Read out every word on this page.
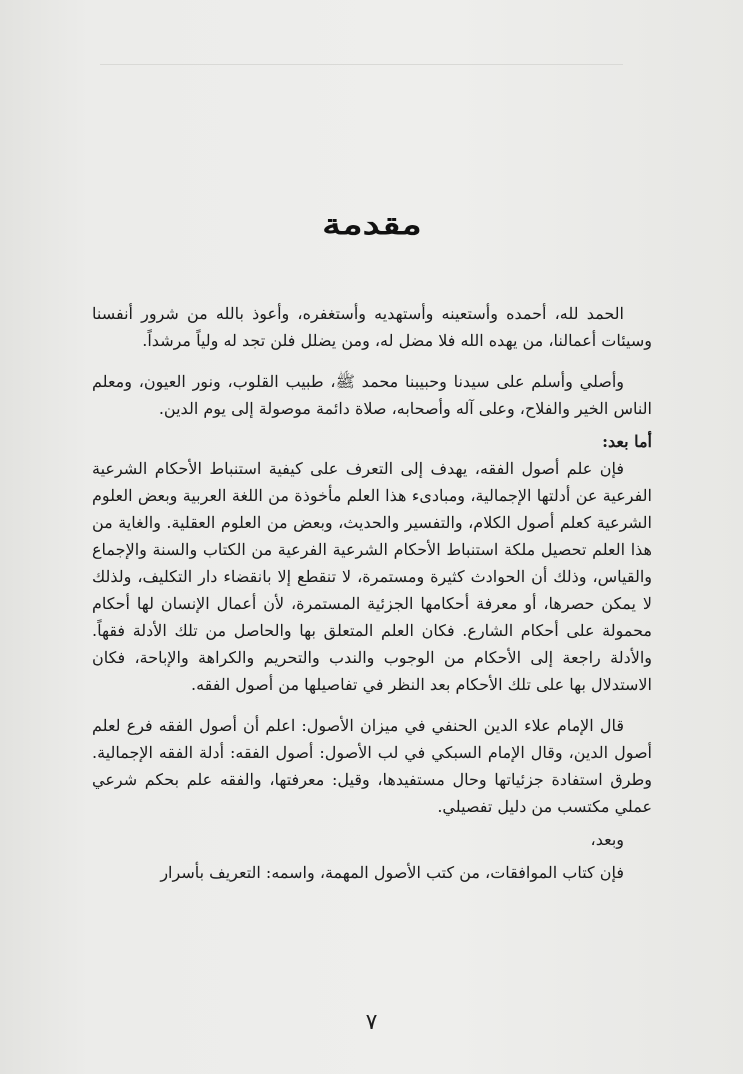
مقدمة

الحمد لله، أحمده وأستعينه وأستهديه وأستغفره، وأعوذ بالله من شرور أنفسنا وسيئات أعمالنا، من يهده الله فلا مضل له، ومن يضلل فلن تجد له ولياً مرشداً.

وأصلي وأسلم على سيدنا وحبيبنا محمد ﷺ، طبيب القلوب، ونور العيون، ومعلم الناس الخير والفلاح، وعلى آله وأصحابه، صلاة دائمة موصولة إلى يوم الدين.

أما بعد:

فإن علم أصول الفقه، يهدف إلى التعرف على كيفية استنباط الأحكام الشرعية الفرعية عن أدلتها الإجمالية، ومبادىء هذا العلم مأخوذة من اللغة العربية وبعض العلوم الشرعية كعلم أصول الكلام، والتفسير والحديث، وبعض من العلوم العقلية. والغاية من هذا العلم تحصيل ملكة استنباط الأحكام الشرعية الفرعية من الكتاب والسنة والإجماع والقياس، وذلك أن الحوادث كثيرة ومستمرة، لا تنقطع إلا بانقضاء دار التكليف، ولذلك لا يمكن حصرها، أو معرفة أحكامها الجزئية المستمرة، لأن أعمال الإنسان لها أحكام محمولة على أحكام الشارع. فكان العلم المتعلق بها والحاصل من تلك الأدلة فقهاً. والأدلة راجعة إلى الأحكام من الوجوب والندب والتحريم والكراهة والإباحة، فكان الاستدلال بها على تلك الأحكام بعد النظر في تفاصيلها من أصول الفقه.

قال الإمام علاء الدين الحنفي في ميزان الأصول: اعلم أن أصول الفقه فرع لعلم أصول الدين، وقال الإمام السبكي في لب الأصول: أصول الفقه: أدلة الفقه الإجمالية. وطرق استفادة جزئياتها وحال مستفيدها، وقيل: معرفتها، والفقه علم بحكم شرعي عملي مكتسب من دليل تفصيلي.

وبعد،

فإن كتاب الموافقات، من كتب الأصول المهمة، واسمه: التعريف بأسرار

٧
